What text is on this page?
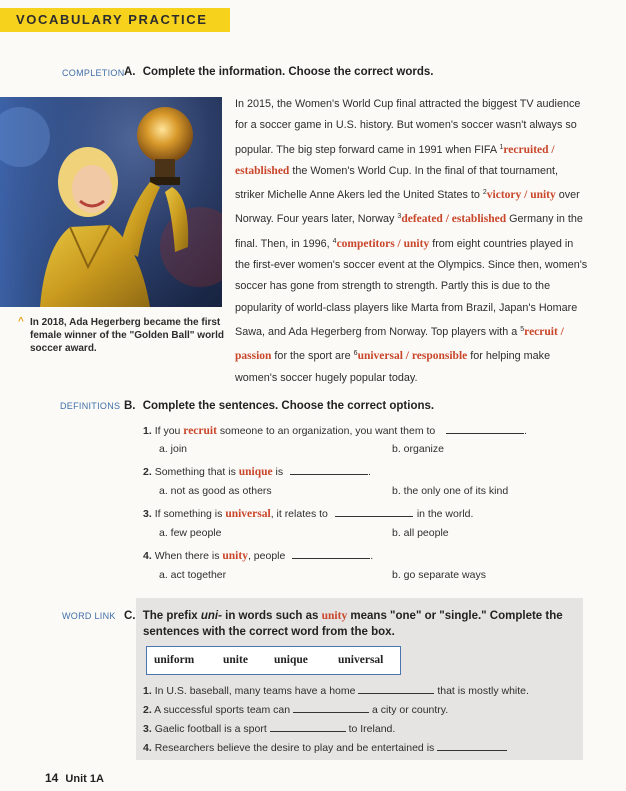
VOCABULARY PRACTICE
COMPLETION A. Complete the information. Choose the correct words.
^ In 2018, Ada Hegerberg became the first female winner of the "Golden Ball" world soccer award.
In 2015, the Women's World Cup final attracted the biggest TV audience for a soccer game in U.S. history. But women's soccer wasn't always so popular. The big step forward came in 1991 when FIFA $^1$recruited / established the Women's World Cup. In the final of that tournament, striker Michelle Anne Akers led the United States to $^2$victory / unity over Norway. Four years later, Norway $^3$defeated / established Germany in the final. Then, in 1996, $^4$competitors / unity from eight countries played in the first-ever women's soccer event at the Olympics. Since then, women's soccer has gone from strength to strength. Partly this is due to the popularity of world-class players like Marta from Brazil, Japan's Homare Sawa, and Ada Hegerberg from Norway. Top players with a $^5$recruit / passion for the sport are $^6$universal / responsible for helping make women's soccer hugely popular today.
DEFINITIONS B. Complete the sentences. Choose the correct options.
1. If you recruit someone to an organization, you want them to	.
a. join	b. organize
2. Something that is unique is	.
a. not as good as others	b. the only one of its kind
3. If something is universal, it relates to	in the world.
a. few people	b. all people
4. When there is unity, people	.
a. act together	b. go separate ways
WORD LINK C. The prefix uni- in words such as unity means "one" or "single." Complete the
sentences with the correct word from the box.
uniform	unite unique	universal
1. In U.S. baseball, many teams have a home	that is mostly white.
2. A successful sports team can	a city or country.
3. Gaelic football is a sport	to Ireland.
4. Researchers believe the desire to play and be entertained is
14 Unit 1A
